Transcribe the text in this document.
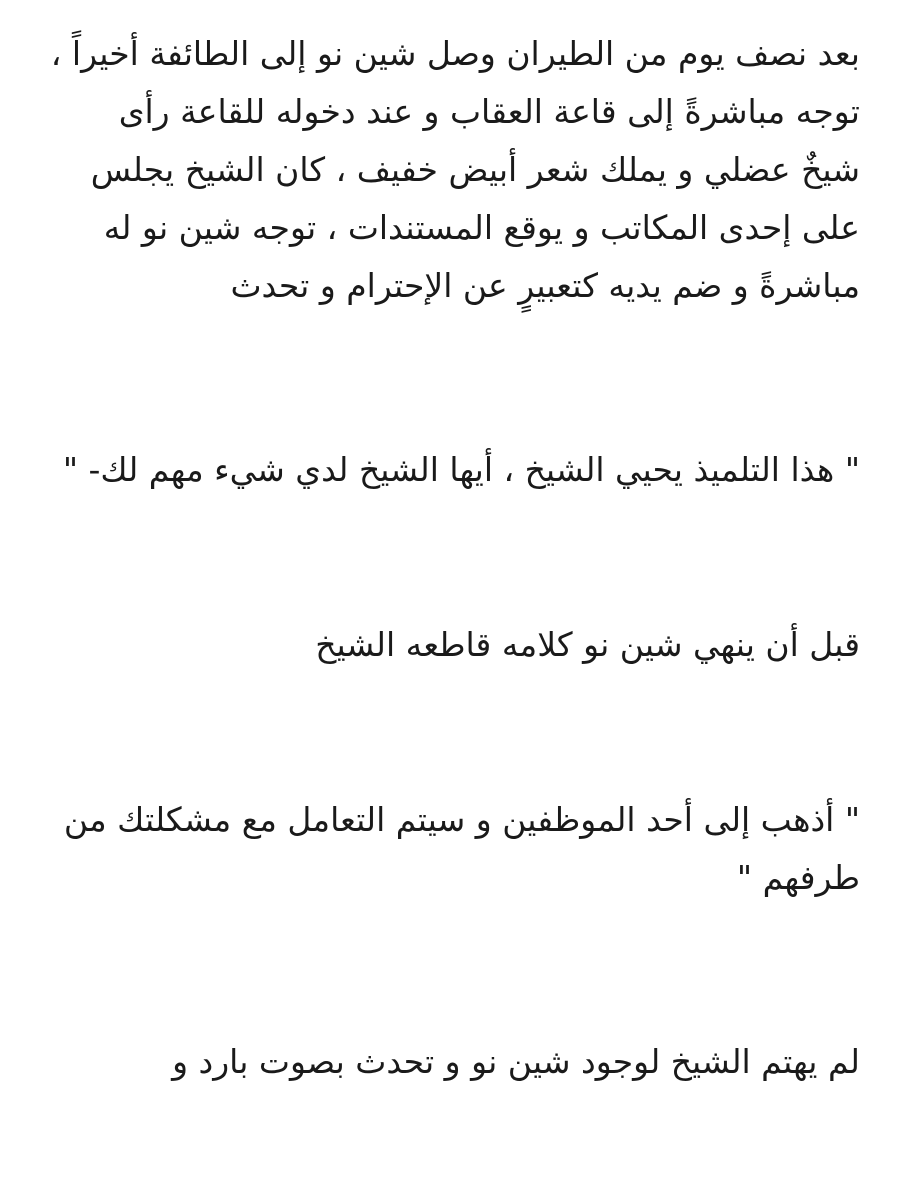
بعد نصف يوم من الطيران وصل شين نو إلى الطائفة أخيراً ، توجه مباشرةً إلى قاعة العقاب و عند دخوله للقاعة رأى شيخٌ عضلي و يملك شعر أبيض خفيف ، كان الشيخ يجلس على إحدى المكاتب و يوقع المستندات ، توجه شين نو له مباشرةً و ضم يديه كتعبيرٍ عن الإحترام و تحدث

" هذا التلميذ يحيي الشيخ ، أيها الشيخ لدي شيء مهم لك- "

قبل أن ينهي شين نو كلامه قاطعه الشيخ

" أذهب إلى أحد الموظفين و سيتم التعامل مع مشكلتك من طرفهم "

لم يهتم الشيخ لوجود شين نو و تحدث بصوت بارد و
